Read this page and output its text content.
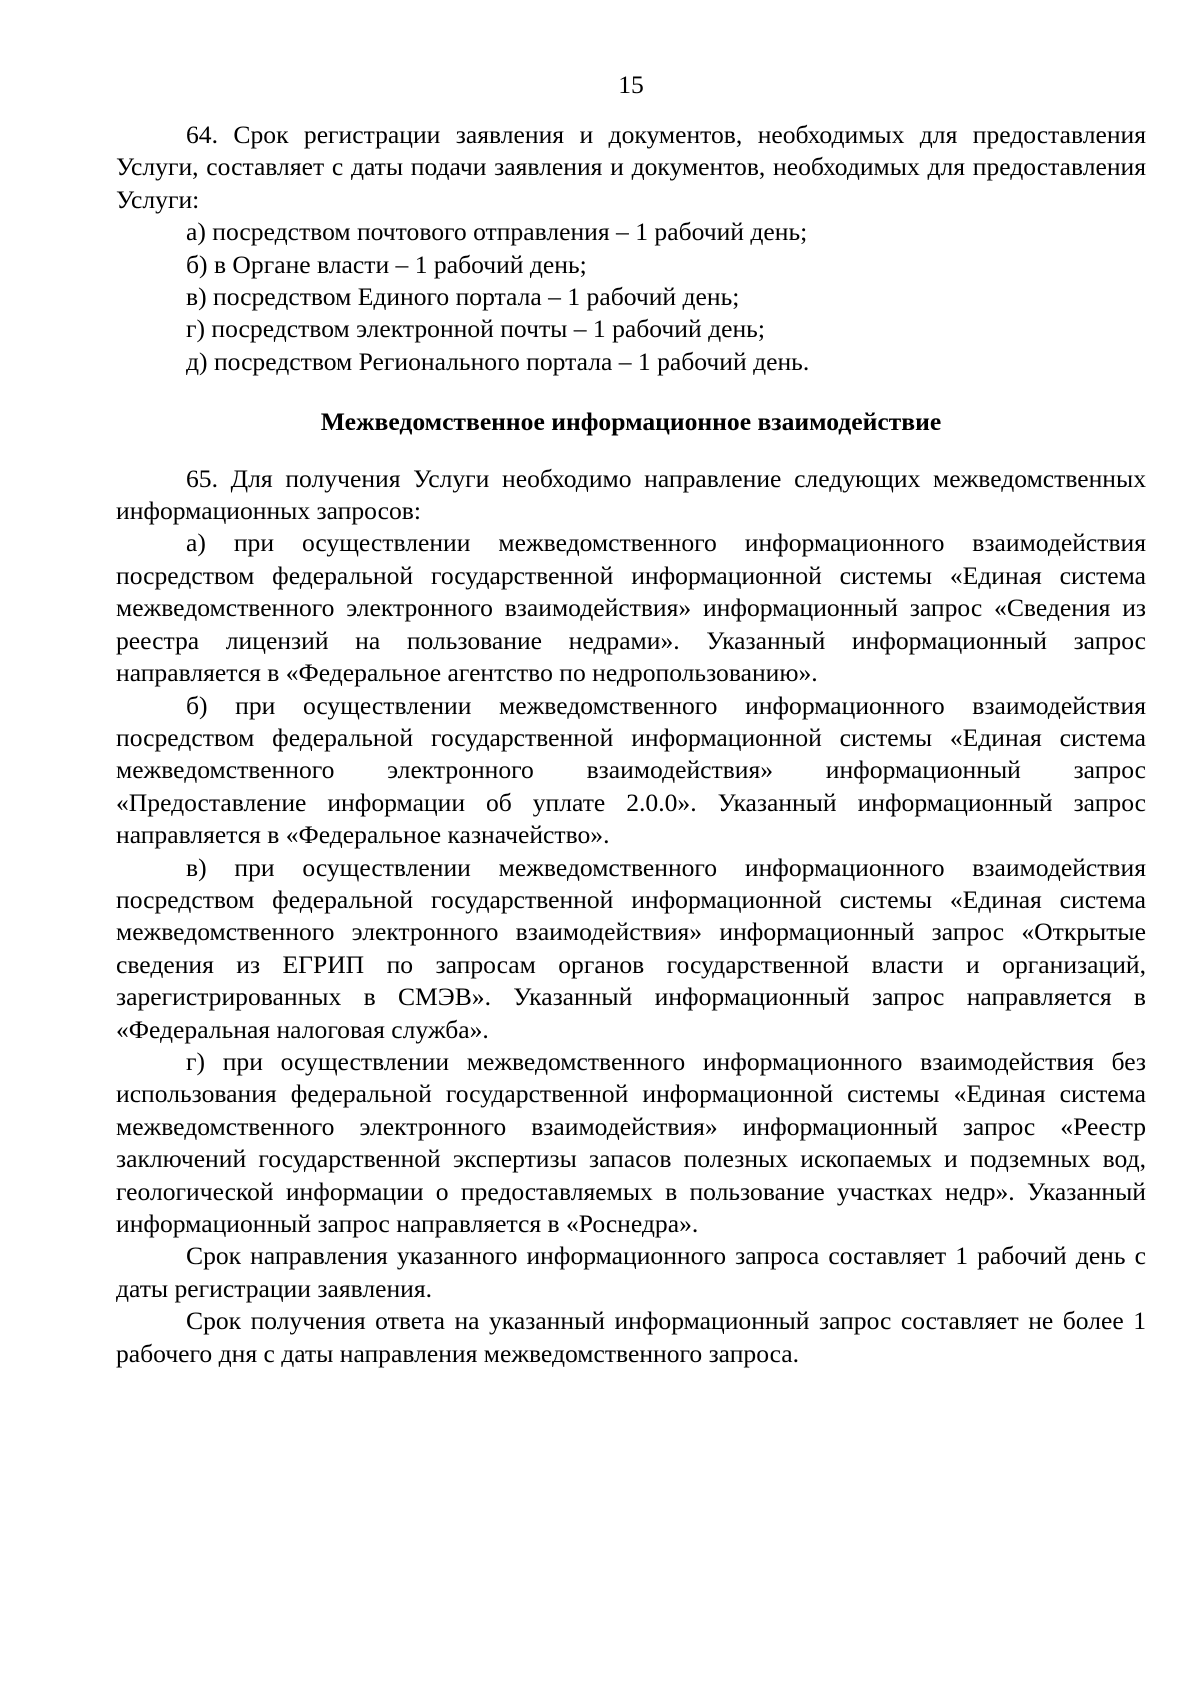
15

64. Срок регистрации заявления и документов, необходимых для предоставления Услуги, составляет с даты подачи заявления и документов, необходимых для предоставления Услуги:

а) посредством почтового отправления – 1 рабочий день;

б) в Органе власти – 1 рабочий день;

в) посредством Единого портала – 1 рабочий день;

г) посредством электронной почты – 1 рабочий день;

д) посредством Регионального портала – 1 рабочий день.

Межведомственное информационное взаимодействие

65. Для получения Услуги необходимо направление следующих межведомственных информационных запросов:

а) при осуществлении межведомственного информационного взаимодействия посредством федеральной государственной информационной системы «Единая система межведомственного электронного взаимодействия» информационный запрос «Сведения из реестра лицензий на пользование недрами». Указанный информационный запрос направляется в «Федеральное агентство по недропользованию».

б) при осуществлении межведомственного информационного взаимодействия посредством федеральной государственной информационной системы «Единая система межведомственного электронного взаимодействия» информационный запрос «Предоставление информации об уплате 2.0.0». Указанный информационный запрос направляется в «Федеральное казначейство».

в) при осуществлении межведомственного информационного взаимодействия посредством федеральной государственной информационной системы «Единая система межведомственного электронного взаимодействия» информационный запрос «Открытые сведения из ЕГРИП по запросам органов государственной власти и организаций, зарегистрированных в СМЭВ». Указанный информационный запрос направляется в «Федеральная налоговая служба».

г) при осуществлении межведомственного информационного взаимодействия без использования федеральной государственной информационной системы «Единая система межведомственного электронного взаимодействия» информационный запрос «Реестр заключений государственной экспертизы запасов полезных ископаемых и подземных вод, геологической информации о предоставляемых в пользование участках недр». Указанный информационный запрос направляется в «Роснедра».

Срок направления указанного информационного запроса составляет 1 рабочий день с даты регистрации заявления.

Срок получения ответа на указанный информационный запрос составляет не более 1 рабочего дня с даты направления межведомственного запроса.
